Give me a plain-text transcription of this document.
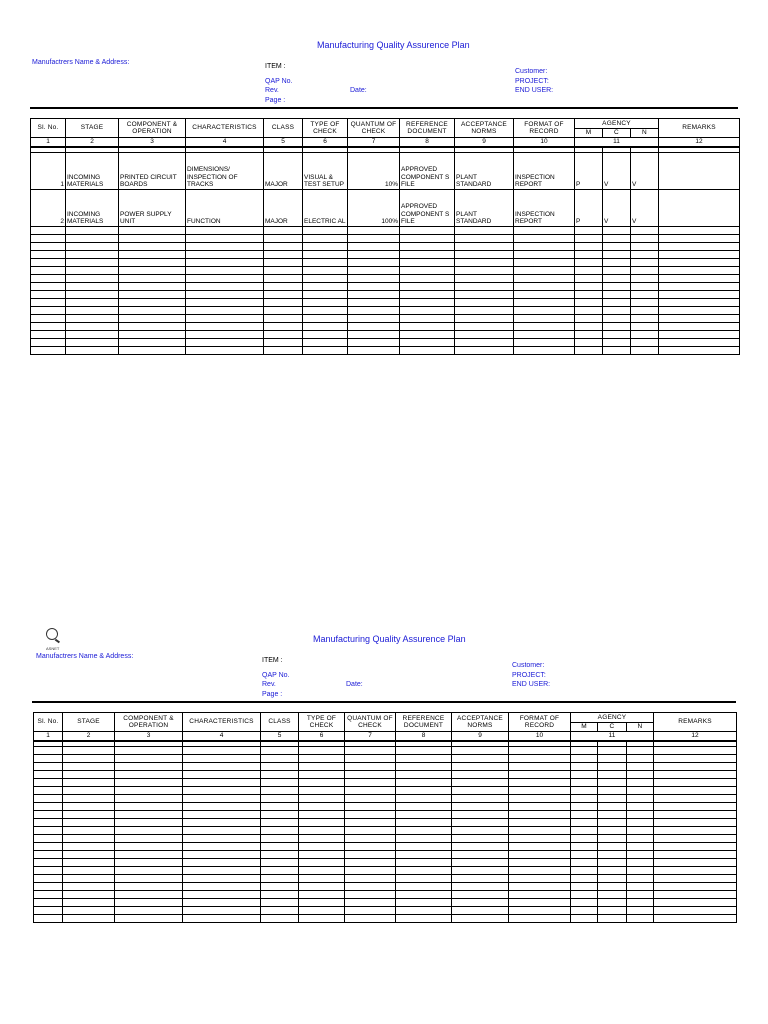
Manufacturing Quality Assurence Plan
Manufactrers Name & Address:
ITEM :
QAP No.
Rev.	Date:
Page :
Customer:
PROJECT:
END USER:
Sl. No.	STAGE	COMPONENT & OPERATION	CHARACTERISTICS	CLASS	TYPE OF CHECK	QUANTUM OF CHECK	REFERENCE DOCUMENT	ACCEPTANCE NORMS	FORMAT OF RECORD	AGENCY			REMARKS
										M	C	N	
1	2	3	4	5	6	7	8	9	10	11			12

1	INCOMING MATERIALS	PRINTED CIRCUIT BOARDS	DIMENSIONS/ INSPECTION OF TRACKS	MAJOR	VISUAL & TEST SETUP	10%	APPROVED COMPONENT S FILE	PLANT STANDARD	INSPECTION REPORT	P	V	V	
2	INCOMING MATERIALS	POWER SUPPLY UNIT	FUNCTION	MAJOR	ELECTRIC AL	100%	APPROVED COMPONENT S FILE	PLANT STANDARD	INSPECTION REPORT	P	V	V	

ASNET
Manufacturing Quality Assurence Plan
Manufactrers Name & Address:
ITEM :
QAP No.
Rev.	Date:
Page :
Customer:
PROJECT:
END USER:
Sl. No.	STAGE	COMPONENT & OPERATION	CHARACTERISTICS	CLASS	TYPE OF CHECK	QUANTUM OF CHECK	REFERENCE DOCUMENT	ACCEPTANCE NORMS	FORMAT OF RECORD	AGENCY			REMARKS
										M	C	N	
1	2	3	4	5	6	7	8	9	10	11			12
